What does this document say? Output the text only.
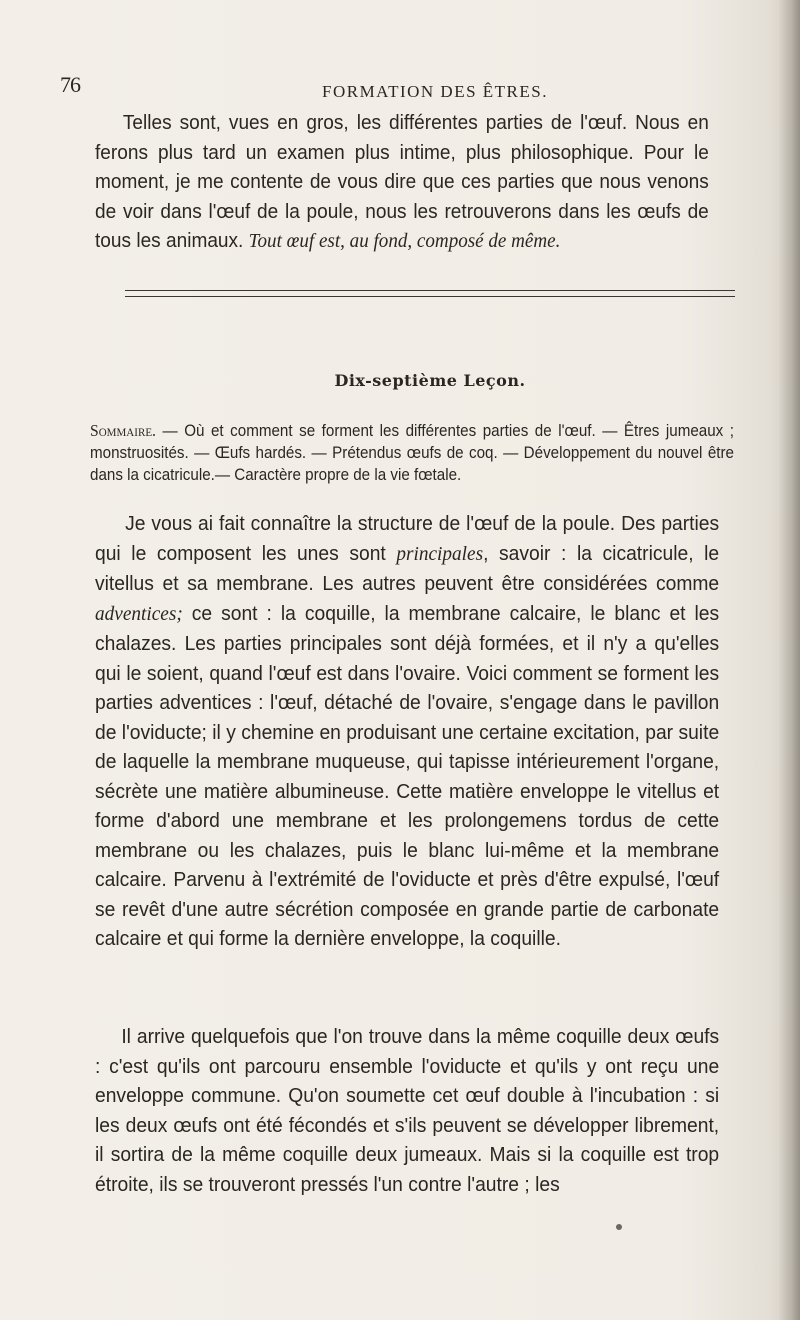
76	FORMATION DES ÊTRES.

Telles sont, vues en gros, les différentes parties de l'œuf. Nous en ferons plus tard un examen plus intime, plus philosophique. Pour le moment, je me contente de vous dire que ces parties que nous venons de voir dans l'œuf de la poule, nous les retrouverons dans les œufs de tous les animaux. Tout œuf est, au fond, composé de même.

Dix-septième Leçon.

Sommaire. — Où et comment se forment les différentes parties de l'œuf. — Êtres jumeaux ; monstruosités. — Œufs hardés. — Prétendus œufs de coq. — Développement du nouvel être dans la cicatricule.— Caractère propre de la vie fœtale.

Je vous ai fait connaître la structure de l'œuf de la poule. Des parties qui le composent les unes sont principales, savoir : la cicatricule, le vitellus et sa membrane. Les autres peuvent être considérées comme adventices; ce sont : la coquille, la membrane calcaire, le blanc et les chalazes. Les parties principales sont déjà formées, et il n'y a qu'elles qui le soient, quand l'œuf est dans l'ovaire. Voici comment se forment les parties adventices : l'œuf, détaché de l'ovaire, s'engage dans le pavillon de l'oviducte; il y chemine en produisant une certaine excitation, par suite de laquelle la membrane muqueuse, qui tapisse intérieurement l'organe, sécrète une matière albumineuse. Cette matière enveloppe le vitellus et forme d'abord une membrane et les prolongemens tordus de cette membrane ou les chalazes, puis le blanc lui-même et la membrane calcaire. Parvenu à l'extrémité de l'oviducte et près d'être expulsé, l'œuf se revêt d'une autre sécrétion composée en grande partie de carbonate calcaire et qui forme la dernière enveloppe, la coquille.

Il arrive quelquefois que l'on trouve dans la même coquille deux œufs : c'est qu'ils ont parcouru ensemble l'oviducte et qu'ils y ont reçu une enveloppe commune. Qu'on soumette cet œuf double à l'incubation : si les deux œufs ont été fécondés et s'ils peuvent se développer librement, il sortira de la même coquille deux jumeaux. Mais si la coquille est trop étroite, ils se trouveront pressés l'un contre l'autre ; les
